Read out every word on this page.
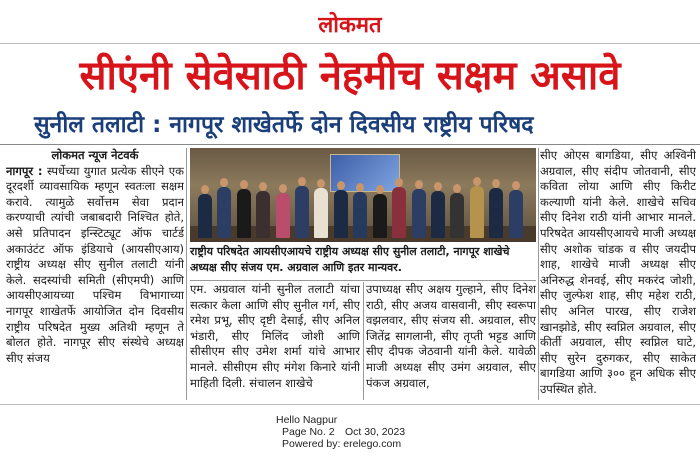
लोकमत
सीएंनी सेवेसाठी नेहमीच सक्षम असावे
सुनील तलाटी : नागपूर शाखेतर्फे दोन दिवसीय राष्ट्रीय परिषद
लोकमत न्यूज नेटवर्क

नागपूर : स्पर्धेच्या युगात प्रत्येक सीएने एक दूरदर्शी व्यावसायिक म्हणून स्वतःला सक्षम करावे. त्यामुळे सर्वोत्तम सेवा प्रदान करण्याची त्यांची जबाबदारी निश्चित होते, असे प्रतिपादन इन्स्टिट्यूट ऑफ चार्टर्ड अकाउंटंट ऑफ इंडियाचे (आयसीएआय) राष्ट्रीय अध्यक्ष सीए सुनील तलाटी यांनी केले. सदस्यांची समिती (सीएमपी) आणि आयसीएआयच्या पश्चिम विभागाच्या नागपूर शाखेतर्फे आयोजित दोन दिवसीय राष्ट्रीय परिषदेत मुख्य अतिथी म्हणून ते बोलत होते. नागपूर सीए संस्थेचे अध्यक्ष सीए संजय

राष्ट्रीय परिषदेत आयसीएआयचे राष्ट्रीय अध्यक्ष सीए सुनील तलाटी, नागपूर शाखेचे अध्यक्ष सीए संजय एम. अग्रवाल आणि इतर मान्यवर.

एम. अग्रवाल यांनी सुनील तलाटी यांचा सत्कार केला आणि सीए सुनील गर्ग, सीए रमेश प्रभू, सीए दृष्टी देसाई, सीए अनिल भंडारी, सीए मिलिंद जोशी आणि सीसीएम सीए उमेश शर्मा यांचे आभार मानले. सीसीएम सीए मंगेश किनारे यांनी माहिती दिली. संचालन शाखेचे

उपाध्यक्ष सीए अक्षय गुल्हाने, सीए दिनेश राठी, सीए अजय वासवानी, सीए स्वरूपा वझलवार, सीए संजय सी. अग्रवाल, सीए जितेंद्र सागलानी, सीए तृप्ती भट्टड आणि सीए दीपक जेठवानी यांनी केले. यावेळी माजी अध्यक्ष सीए उमंग अग्रवाल, सीए पंकज अग्रवाल,

सीए ओएस बागडिया, सीए अश्विनी अग्रवाल, सीए संदीप जोतवानी, सीए कविता लोया आणि सीए किरीट कल्याणी यांनी केले. शाखेचे सचिव सीए दिनेश राठी यांनी आभार मानले. परिषदेत आयसीएआयचे माजी अध्यक्ष सीए अशोक चांडक व सीए जयदीप शाह, शाखेचे माजी अध्यक्ष सीए अनिरुद्ध शेनवई, सीए मकरंद जोशी, सीए जुल्फेश शाह, सीए महेश राठी, सीए अनिल पारख, सीए राजेश खानझोडे, सीए स्वप्निल अग्रवाल, सीए कीर्ती अग्रवाल, सीए स्वप्निल घाटे, सीए सुरेन दुरुगकर, सीए साकेत बागडिया आणि ३०० हून अधिक सीए उपस्थित होते.

Hello Nagpur
Page No. 2 Oct 30, 2023
Powered by: erelego.com
